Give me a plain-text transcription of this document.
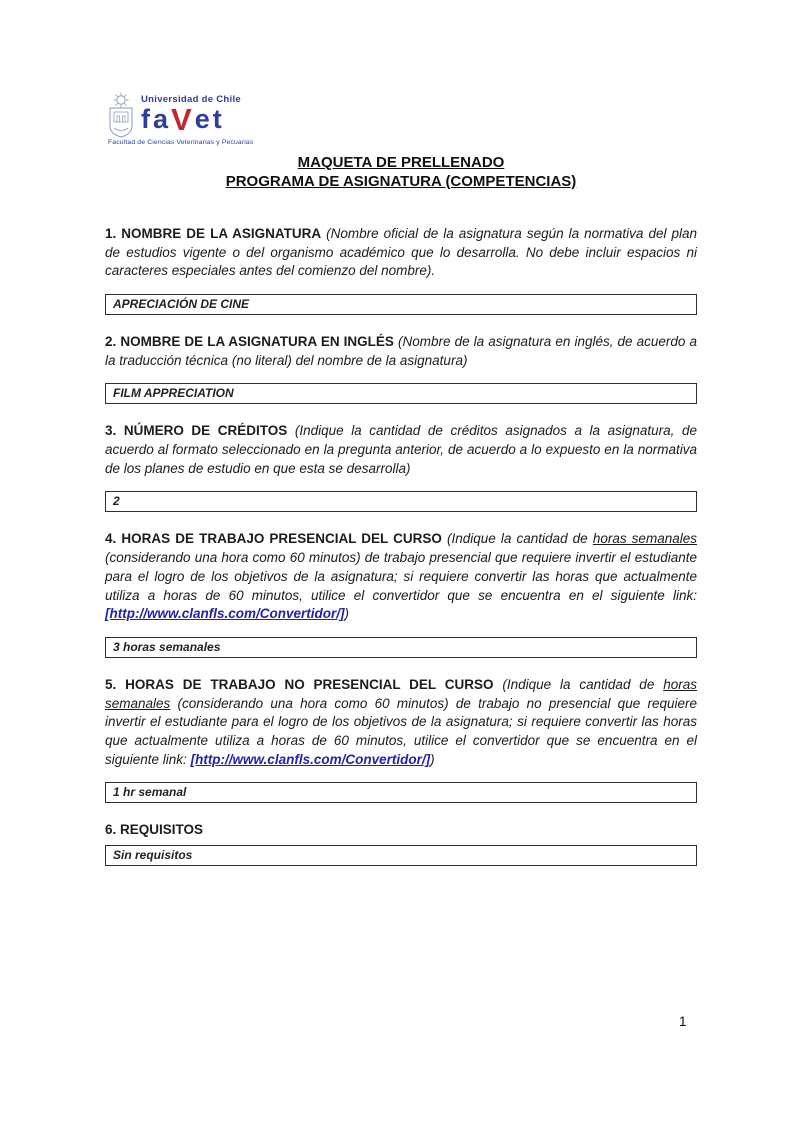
Universidad de Chile
fa V et
Facultad de Ciencias Veterinarias y Pecuarias
MAQUETA DE PRELLENADO
PROGRAMA DE ASIGNATURA (COMPETENCIAS)

1. NOMBRE DE LA ASIGNATURA (Nombre oficial de la asignatura según la normativa del plan de estudios vigente o del organismo académico que lo desarrolla. No debe incluir espacios ni caracteres especiales antes del comienzo del nombre).

APRECIACIÓN DE CINE

2. NOMBRE DE LA ASIGNATURA EN INGLÉS (Nombre de la asignatura en inglés, de acuerdo a la traducción técnica (no literal) del nombre de la asignatura)

FILM APPRECIATION

3. NÚMERO DE CRÉDITOS (Indique la cantidad de créditos asignados a la asignatura, de acuerdo al formato seleccionado en la pregunta anterior, de acuerdo a lo expuesto en la normativa de los planes de estudio en que esta se desarrolla)

2

4. HORAS DE TRABAJO PRESENCIAL DEL CURSO (Indique la cantidad de horas semanales (considerando una hora como 60 minutos) de trabajo presencial que requiere invertir el estudiante para el logro de los objetivos de la asignatura; si requiere convertir las horas que actualmente utiliza a horas de 60 minutos, utilice el convertidor que se encuentra en el siguiente link: [http://www.clanfls.com/Convertidor/])

3 horas semanales

5. HORAS DE TRABAJO NO PRESENCIAL DEL CURSO (Indique la cantidad de horas semanales (considerando una hora como 60 minutos) de trabajo no presencial que requiere invertir el estudiante para el logro de los objetivos de la asignatura; si requiere convertir las horas que actualmente utiliza a horas de 60 minutos, utilice el convertidor que se encuentra en el siguiente link: [http://www.clanfls.com/Convertidor/])

1 hr semanal

6. REQUISITOS

Sin requisitos
1
